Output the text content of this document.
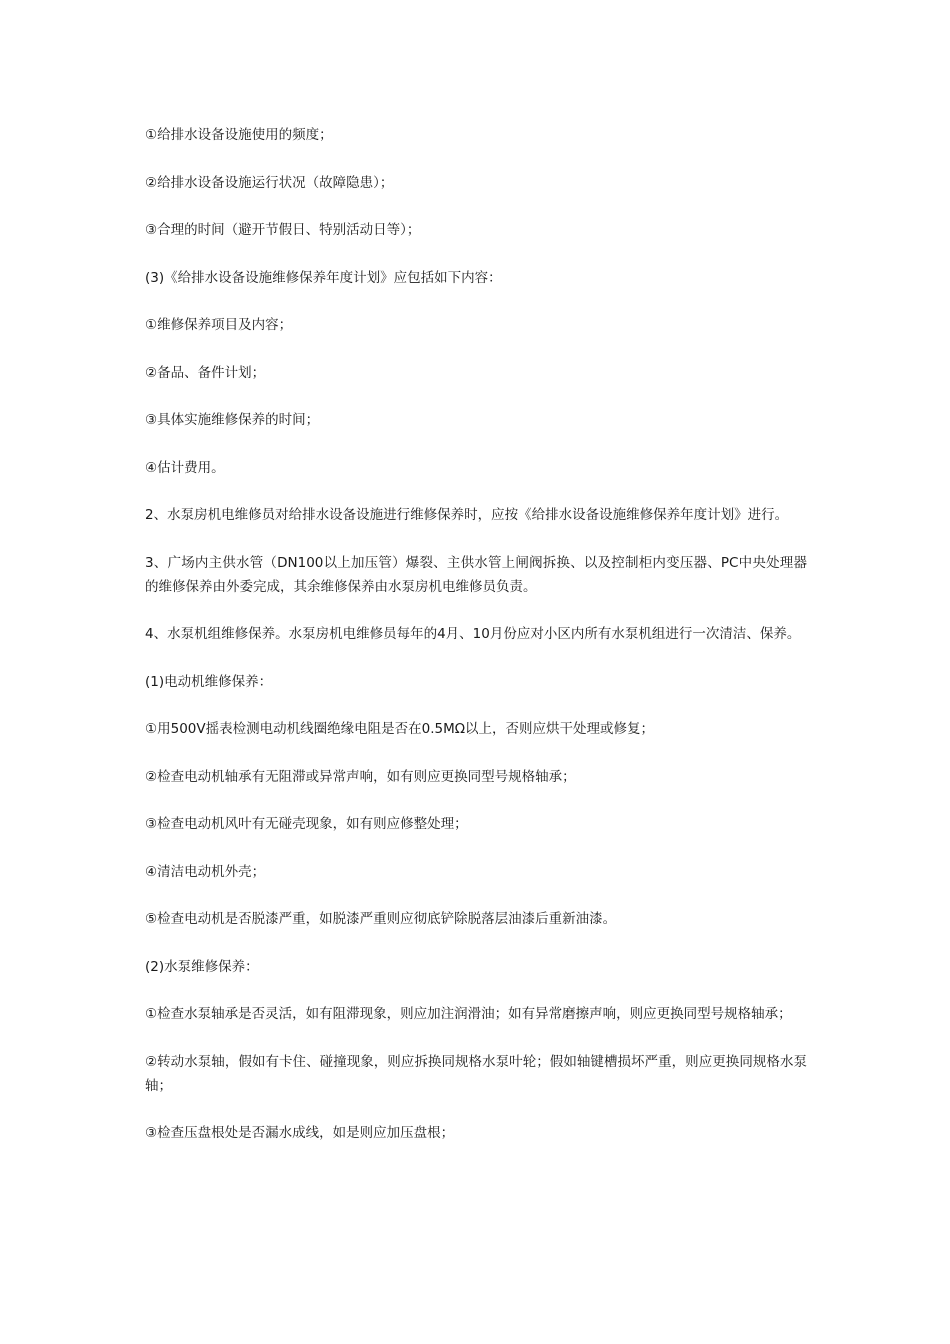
①给排水设备设施使用的频度；

②给排水设备设施运行状况（故障隐患）；

③合理的时间（避开节假日、特别活动日等）；

(3)《给排水设备设施维修保养年度计划》应包括如下内容：

①维修保养项目及内容；

②备品、备件计划；

③具体实施维修保养的时间；

④估计费用。

2、水泵房机电维修员对给排水设备设施进行维修保养时，应按《给排水设备设施维修保养年度计划》进行。

3、广场内主供水管（DN100以上加压管）爆裂、主供水管上闸阀拆换、以及控制柜内变压器、PC中央处理器的维修保养由外委完成，其余维修保养由水泵房机电维修员负责。

4、水泵机组维修保养。水泵房机电维修员每年的4月、10月份应对小区内所有水泵机组进行一次清洁、保养。

(1)电动机维修保养：

①用500V摇表检测电动机线圈绝缘电阻是否在0.5MΩ以上，否则应烘干处理或修复；

②检查电动机轴承有无阻滞或异常声响，如有则应更换同型号规格轴承；

③检查电动机风叶有无碰壳现象，如有则应修整处理；

④清洁电动机外壳；

⑤检查电动机是否脱漆严重，如脱漆严重则应彻底铲除脱落层油漆后重新油漆。

(2)水泵维修保养：

①检查水泵轴承是否灵活，如有阻滞现象，则应加注润滑油；如有异常磨擦声响，则应更换同型号规格轴承；

②转动水泵轴，假如有卡住、碰撞现象，则应拆换同规格水泵叶轮；假如轴键槽损坏严重，则应更换同规格水泵轴；

③检查压盘根处是否漏水成线，如是则应加压盘根；
